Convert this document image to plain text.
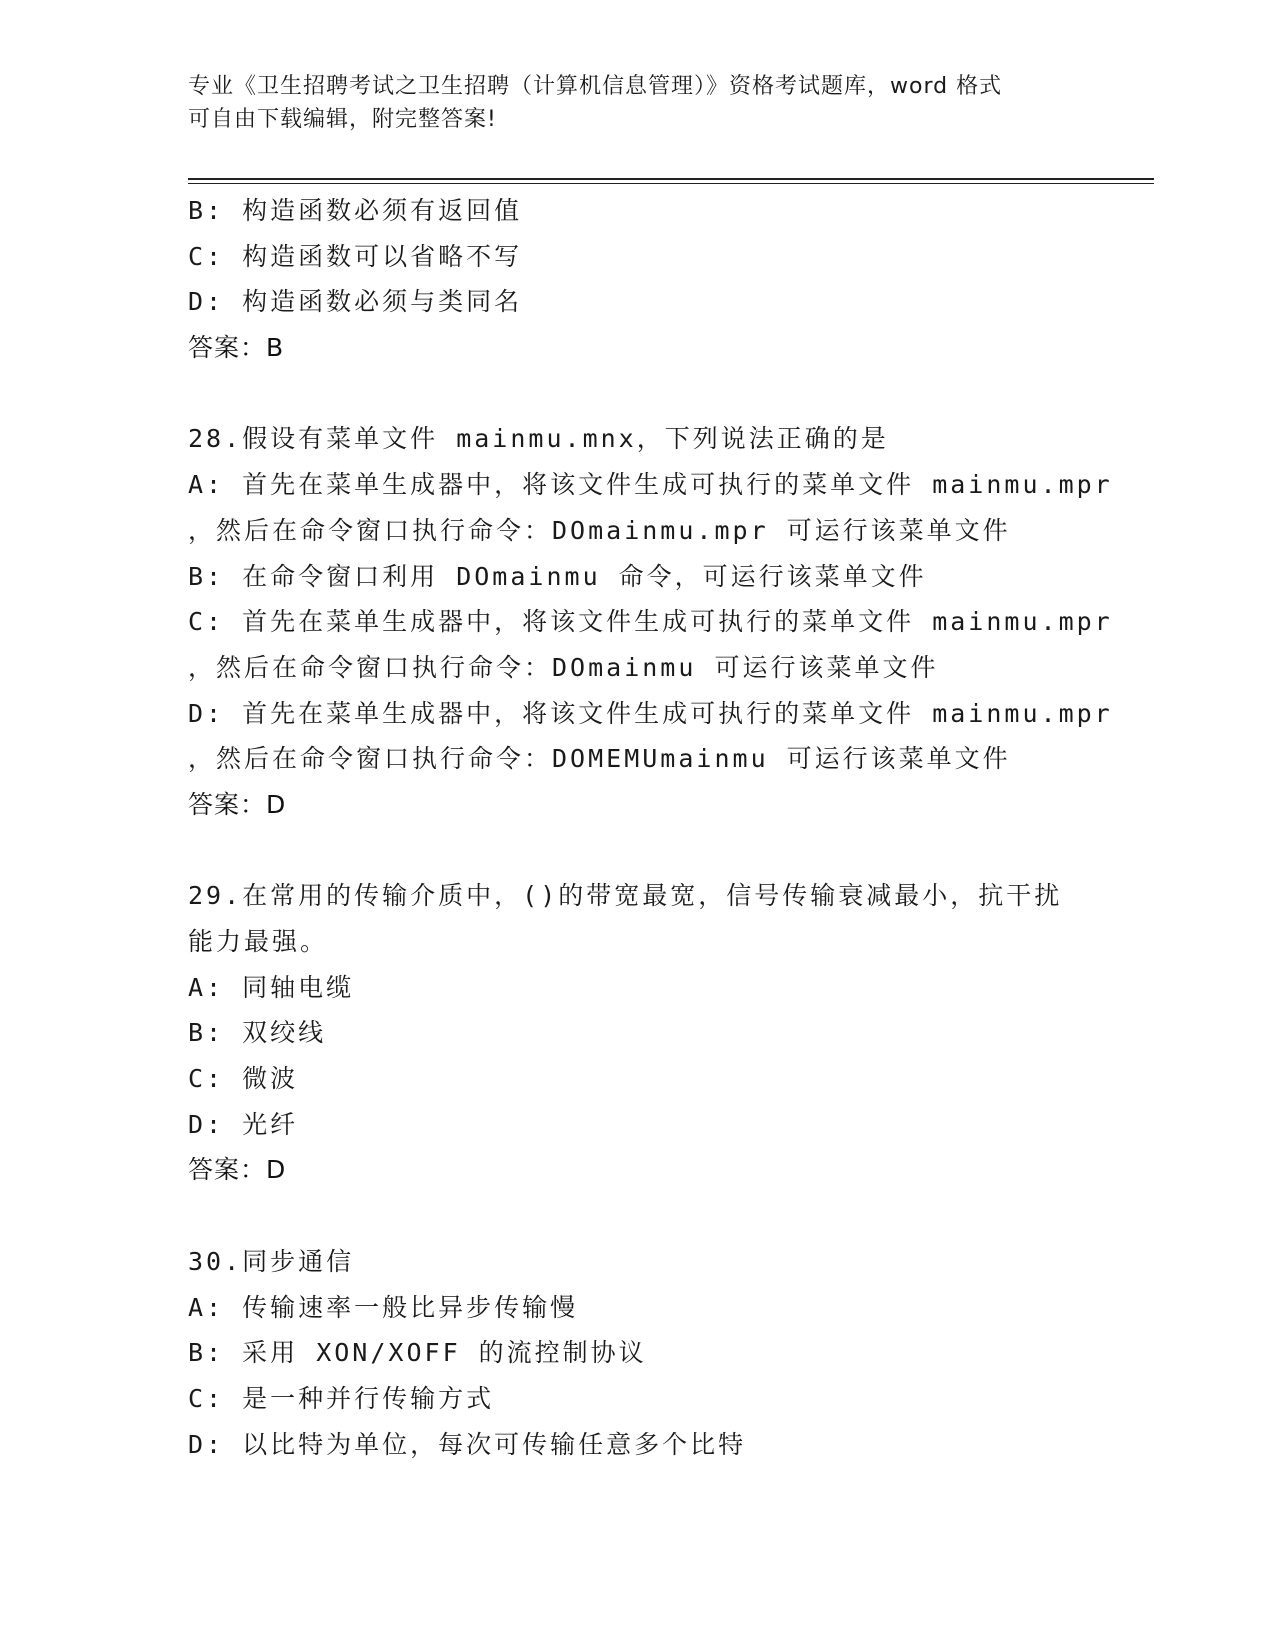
专业《卫生招聘考试之卫生招聘（计算机信息管理）》资格考试题库，word 格式
可自由下载编辑，附完整答案!
B: 构造函数必须有返回值
C: 构造函数可以省略不写
D: 构造函数必须与类同名
答案：B
28.假设有菜单文件 mainmu.mnx，下列说法正确的是
A: 首先在菜单生成器中，将该文件生成可执行的菜单文件 mainmu.mpr
，然后在命令窗口执行命令：DOmainmu.mpr 可运行该菜单文件
B: 在命令窗口利用 DOmainmu 命令，可运行该菜单文件
C: 首先在菜单生成器中，将该文件生成可执行的菜单文件 mainmu.mpr
，然后在命令窗口执行命令：DOmainmu 可运行该菜单文件
D: 首先在菜单生成器中，将该文件生成可执行的菜单文件 mainmu.mpr
，然后在命令窗口执行命令：DOMEMUmainmu 可运行该菜单文件
答案：D
29.在常用的传输介质中，()的带宽最宽，信号传输衰减最小，抗干扰
能力最强。
A: 同轴电缆
B: 双绞线
C: 微波
D: 光纤
答案：D
30.同步通信
A: 传输速率一般比异步传输慢
B: 采用 XON/XOFF 的流控制协议
C: 是一种并行传输方式
D: 以比特为单位，每次可传输任意多个比特
